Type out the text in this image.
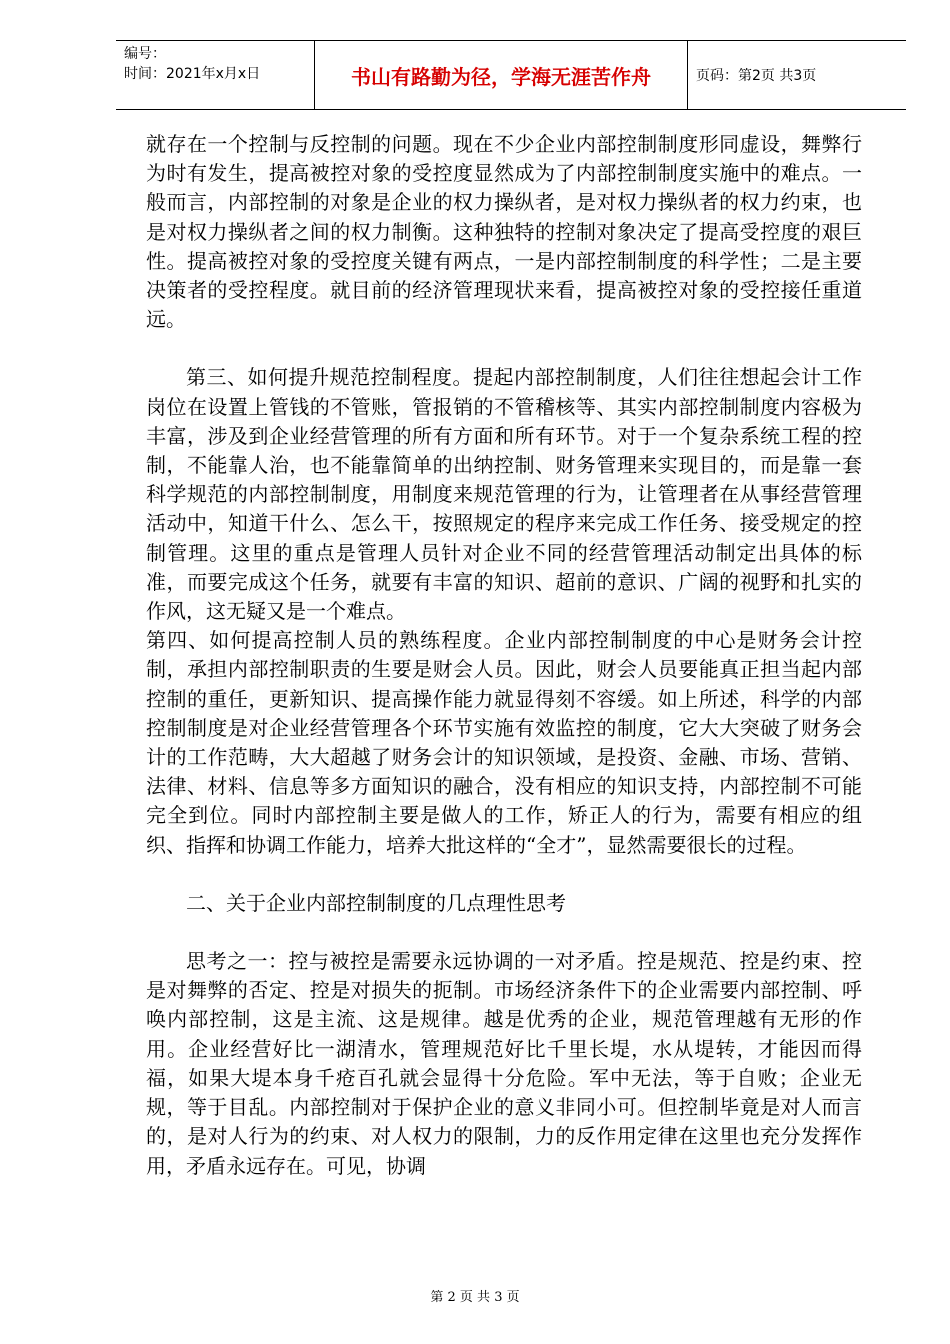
编号：
时间：2021年x月x日	书山有路勤为径，学海无涯苦作舟	页码：第2页 共3页

就存在一个控制与反控制的问题。现在不少企业内部控制制度形同虚设，舞弊行为时有发生，提高被控对象的受控度显然成为了内部控制制度实施中的难点。一般而言，内部控制的对象是企业的权力操纵者，是对权力操纵者的权力约束，也是对权力操纵者之间的权力制衡。这种独特的控制对象决定了提高受控度的艰巨性。提高被控对象的受控度关键有两点，一是内部控制制度的科学性；二是主要决策者的受控程度。就目前的经济管理现状来看，提高被控对象的受控接任重道远。

第三、如何提升规范控制程度。提起内部控制制度，人们往往想起会计工作岗位在设置上管钱的不管账，管报销的不管稽核等、其实内部控制制度内容极为丰富，涉及到企业经营管理的所有方面和所有环节。对于一个复杂系统工程的控制，不能靠人治，也不能靠简单的出纳控制、财务管理来实现目的，而是靠一套科学规范的内部控制制度，用制度来规范管理的行为，让管理者在从事经营管理活动中，知道干什么、怎么干，按照规定的程序来完成工作任务、接受规定的控制管理。这里的重点是管理人员针对企业不同的经营管理活动制定出具体的标准，而要完成这个任务，就要有丰富的知识、超前的意识、广阔的视野和扎实的作风，这无疑又是一个难点。

第四、如何提高控制人员的熟练程度。企业内部控制制度的中心是财务会计控制，承担内部控制职责的生要是财会人员。因此，财会人员要能真正担当起内部控制的重任，更新知识、提高操作能力就显得刻不容缓。如上所述，科学的内部控制制度是对企业经营管理各个环节实施有效监控的制度，它大大突破了财务会计的工作范畴，大大超越了财务会计的知识领域，是投资、金融、市场、营销、法律、材料、信息等多方面知识的融合，没有相应的知识支持，内部控制不可能完全到位。同时内部控制主要是做人的工作，矫正人的行为，需要有相应的组织、指挥和协调工作能力，培养大批这样的“全才”，显然需要很长的过程。

二、关于企业内部控制制度的几点理性思考

思考之一：控与被控是需要永远协调的一对矛盾。控是规范、控是约束、控是对舞弊的否定、控是对损失的扼制。市场经济条件下的企业需要内部控制、呼唤内部控制，这是主流、这是规律。越是优秀的企业，规范管理越有无形的作用。企业经营好比一湖清水，管理规范好比千里长堤，水从堤转，才能因而得福，如果大堤本身千疮百孔就会显得十分危险。军中无法，等于自败；企业无规，等于目乱。内部控制对于保护企业的意义非同小可。但控制毕竟是对人而言的，是对人行为的约束、对人权力的限制，力的反作用定律在这里也充分发挥作用，矛盾永远存在。可见，协调

第 2 页 共 3 页
